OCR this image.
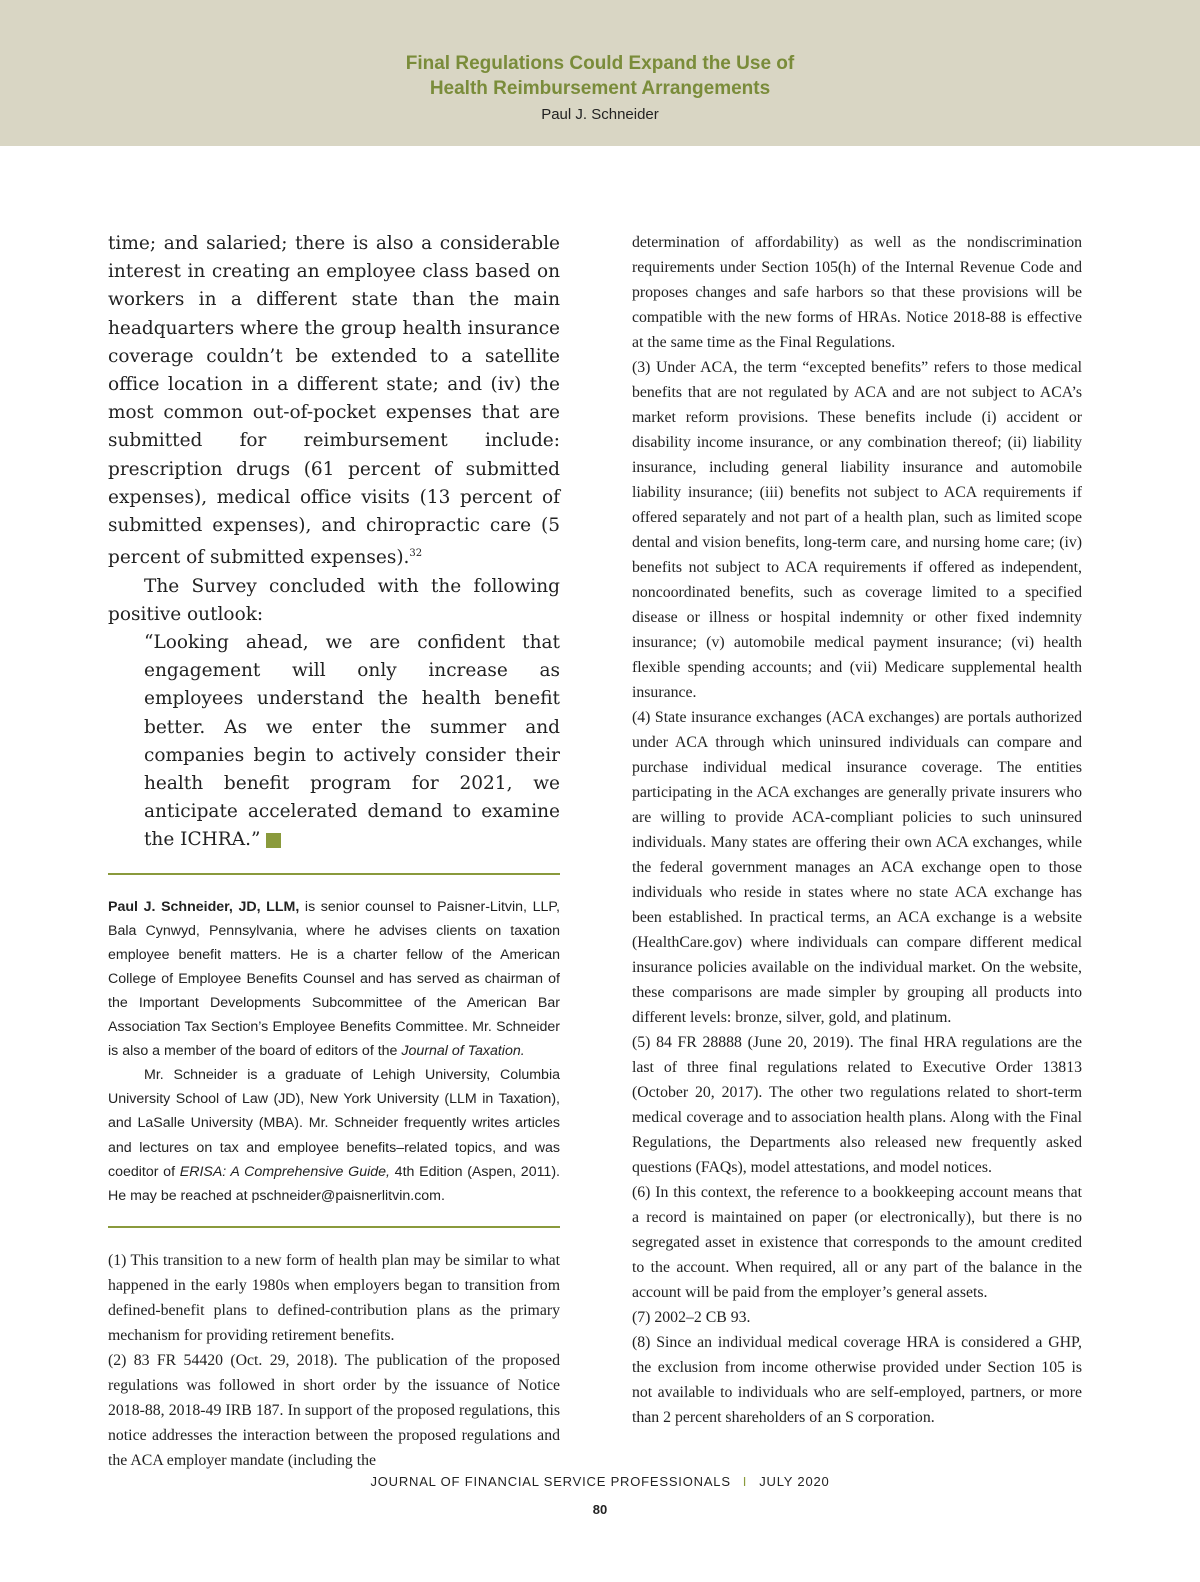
Final Regulations Could Expand the Use of
Health Reimbursement Arrangements
Paul J. Schneider

time; and salaried; there is also a considerable interest in creating an employee class based on workers in a different state than the main headquarters where the group health insurance coverage couldn’t be extended to a satellite office location in a different state; and (iv) the most common out-of-pocket expenses that are submitted for reimbursement include: prescription drugs (61 percent of submitted expenses), medical office visits (13 percent of submitted expenses), and chiropractic care (5 percent of submitted expenses).$^{32}$

The Survey concluded with the following positive outlook:

“Looking ahead, we are confident that engagement will only increase as employees understand the health benefit better. As we enter the summer and companies begin to actively consider their health benefit program for 2021, we anticipate accelerated demand to examine the ICHRA.”

Paul J. Schneider, JD, LLM, is senior counsel to Paisner-Litvin, LLP, Bala Cynwyd, Pennsylvania, where he advises clients on taxation employee benefit matters. He is a charter fellow of the American College of Employee Benefits Counsel and has served as chairman of the Important Developments Subcommittee of the American Bar Association Tax Section’s Employee Benefits Committee. Mr. Schneider is also a member of the board of editors of the Journal of Taxation.

Mr. Schneider is a graduate of Lehigh University, Columbia University School of Law (JD), New York University (LLM in Taxation), and LaSalle University (MBA). Mr. Schneider frequently writes articles and lectures on tax and employee benefits–related topics, and was coeditor of ERISA: A Comprehensive Guide, 4th Edition (Aspen, 2011). He may be reached at pschneider@paisnerlitvin.com.

(1) This transition to a new form of health plan may be similar to what happened in the early 1980s when employers began to transition from defined-benefit plans to defined-contribution plans as the primary mechanism for providing retirement benefits.

(2) 83 FR 54420 (Oct. 29, 2018). The publication of the proposed regulations was followed in short order by the issuance of Notice 2018-88, 2018-49 IRB 187. In support of the proposed regulations, this notice addresses the interaction between the proposed regulations and the ACA employer mandate (including the

determination of affordability) as well as the nondiscrimination requirements under Section 105(h) of the Internal Revenue Code and proposes changes and safe harbors so that these provisions will be compatible with the new forms of HRAs. Notice 2018-88 is effective at the same time as the Final Regulations.

(3) Under ACA, the term “excepted benefits” refers to those medical benefits that are not regulated by ACA and are not subject to ACA’s market reform provisions. These benefits include (i) accident or disability income insurance, or any combination thereof; (ii) liability insurance, including general liability insurance and automobile liability insurance; (iii) benefits not subject to ACA requirements if offered separately and not part of a health plan, such as limited scope dental and vision benefits, long-term care, and nursing home care; (iv) benefits not subject to ACA requirements if offered as independent, noncoordinated benefits, such as coverage limited to a specified disease or illness or hospital indemnity or other fixed indemnity insurance; (v) automobile medical payment insurance; (vi) health flexible spending accounts; and (vii) Medicare supplemental health insurance.

(4) State insurance exchanges (ACA exchanges) are portals authorized under ACA through which uninsured individuals can compare and purchase individual medical insurance coverage. The entities participating in the ACA exchanges are generally private insurers who are willing to provide ACA-compliant policies to such uninsured individuals. Many states are offering their own ACA exchanges, while the federal government manages an ACA exchange open to those individuals who reside in states where no state ACA exchange has been established. In practical terms, an ACA exchange is a website (HealthCare.gov) where individuals can compare different medical insurance policies available on the individual market. On the website, these comparisons are made simpler by grouping all products into different levels: bronze, silver, gold, and platinum.

(5) 84 FR 28888 (June 20, 2019). The final HRA regulations are the last of three final regulations related to Executive Order 13813 (October 20, 2017). The other two regulations related to short-term medical coverage and to association health plans. Along with the Final Regulations, the Departments also released new frequently asked questions (FAQs), model attestations, and model notices.

(6) In this context, the reference to a bookkeeping account means that a record is maintained on paper (or electronically), but there is no segregated asset in existence that corresponds to the amount credited to the account. When required, all or any part of the balance in the account will be paid from the employer’s general assets.

(7) 2002–2 CB 93.

(8) Since an individual medical coverage HRA is considered a GHP, the exclusion from income otherwise provided under Section 105 is not available to individuals who are self-employed, partners, or more than 2 percent shareholders of an S corporation.

JOURNAL OF FINANCIAL SERVICE PROFESSIONALS I JULY 2020
80
